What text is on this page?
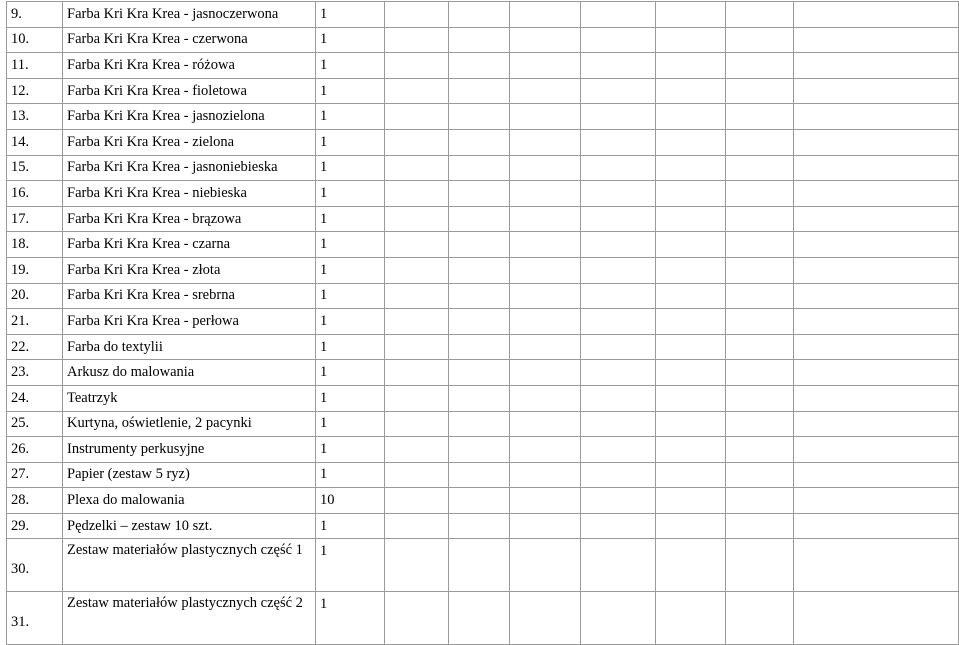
9.	Farba Kri Kra Krea - jasnoczerwona	1							
10.	Farba Kri Kra Krea - czerwona	1							
11.	Farba Kri Kra Krea - różowa	1							
12.	Farba Kri Kra Krea - fioletowa	1							
13.	Farba Kri Kra Krea - jasnozielona	1							
14.	Farba Kri Kra Krea - zielona	1							
15.	Farba Kri Kra Krea - jasnoniebieska	1							
16.	Farba Kri Kra Krea - niebieska	1							
17.	Farba Kri Kra Krea - brązowa	1							
18.	Farba Kri Kra Krea - czarna	1							
19.	Farba Kri Kra Krea - złota	1							
20.	Farba Kri Kra Krea - srebrna	1							
21.	Farba Kri Kra Krea - perłowa	1							
22.	Farba do textylii	1							
23.	Arkusz do malowania	1							
24.	Teatrzyk	1							
25.	Kurtyna, oświetlenie, 2 pacynki	1							
26.	Instrumenty perkusyjne	1							
27.	Papier (zestaw 5 ryz)	1							
28.	Plexa do malowania	10							
29.	Pędzelki – zestaw 10 szt.	1							
30.	Zestaw materiałów plastycznych część 1	1							
31.	Zestaw materiałów plastycznych część 2	1							
